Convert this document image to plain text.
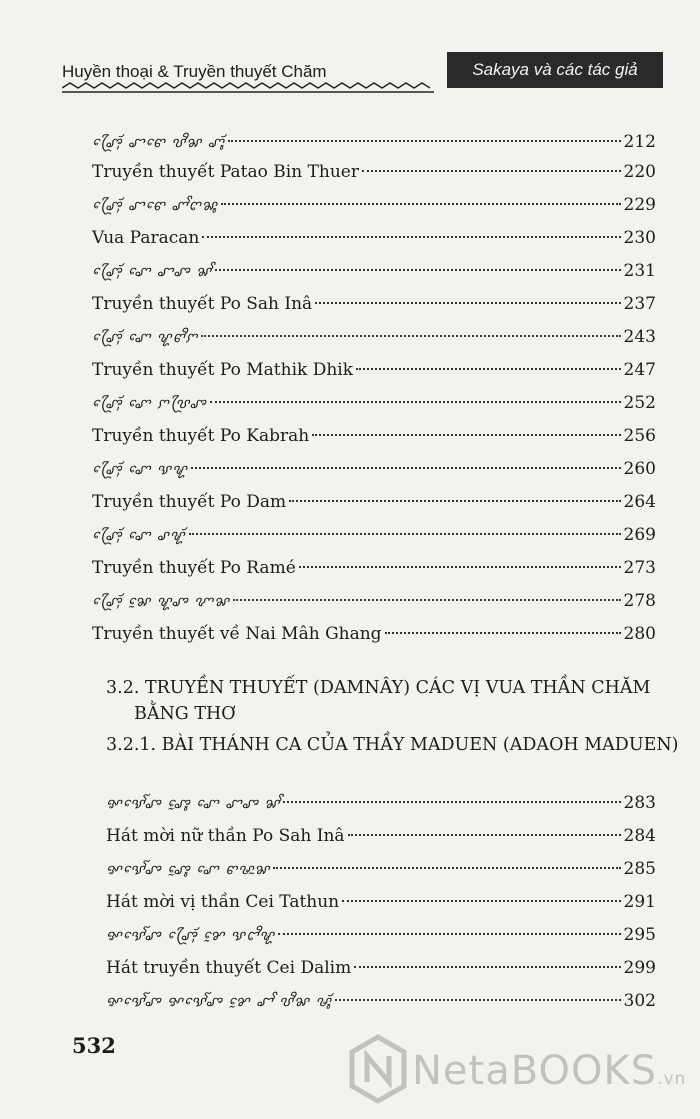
Huyền thoại & Truyền thuyết Chăm	Sakaya và các tác giả
3.2. TRUYỀN THUYẾT (DAMNÂY) CÁC VỊ VUA THẦN CHĂM
BẰNG THƠ
3.2.1. BÀI THÁNH CA CỦA THẦY MADUEN (ADAOH MADUEN)
ꨨꨴꨯꨮꨲ ꨧꨓꨯ ꨝꨪꨗ ꨚꨶꨮ	212
Truyền thuyết Patao Bin Thuer	220
ꨨꨴꨯꨮꨲ ꨧꨓꨯ ꨚꨩꨈꨗꨶ	229
Vua Paracan	230
ꨨꨴꨯꨮꨲ ꨚꨯ ꨧꨨ ꨗꨩ	231
Truyền thuyết Po Sah Inâ	237
ꨨꨴꨯꨮꨲ ꨚꨯ ꨠꨓꨪꨆ	243
Truyền thuyết Po Mathik Dhik	247
ꨨꨴꨯꨮꨲ ꨚꨯ ꨆꨝꨴꨨ	252
Truyền thuyết Po Kabrah	256
ꨨꨴꨯꨮꨲ ꨚꨯ ꨕꨠ	260
Truyền thuyết Po Dam	264
ꨨꨴꨯꨮꨲ ꨚꨯ ꨣꨠꨮ	269
Truyền thuyết Po Ramé	273
ꨨꨴꨯꨮꨲ ꨗꨰ ꨠꨨ ꨉꨗ	278
Truyền thuyết về Nai Mâh Ghang	280
ꨀꨕꨯꨱꨨ ꨨꨶꨰ ꨚꨯ ꨧꨨ ꨗꨩ	283
Hát mời nữ thần Po Sah Inâ	284
ꨀꨕꨯꨱꨨ ꨨꨶꨰ ꨚꨯ ꨓꨔꨭꨗ	285
Hát mời vị thần Cei Tathun	291
ꨀꨕꨯꨱꨨ ꨨꨴꨯꨮꨲ ꨌꨰ ꨕꨤꨪꨠ	295
Hát truyền thuyết Cei Dalim	299
ꨀꨕꨯꨱꨨ ꨀꨕꨯꨱꨨ ꨌꨰ ꨧꨩ ꨝꨪꨗ ꨔꨶꨮ	302
532
NetaBOOKS.vn
